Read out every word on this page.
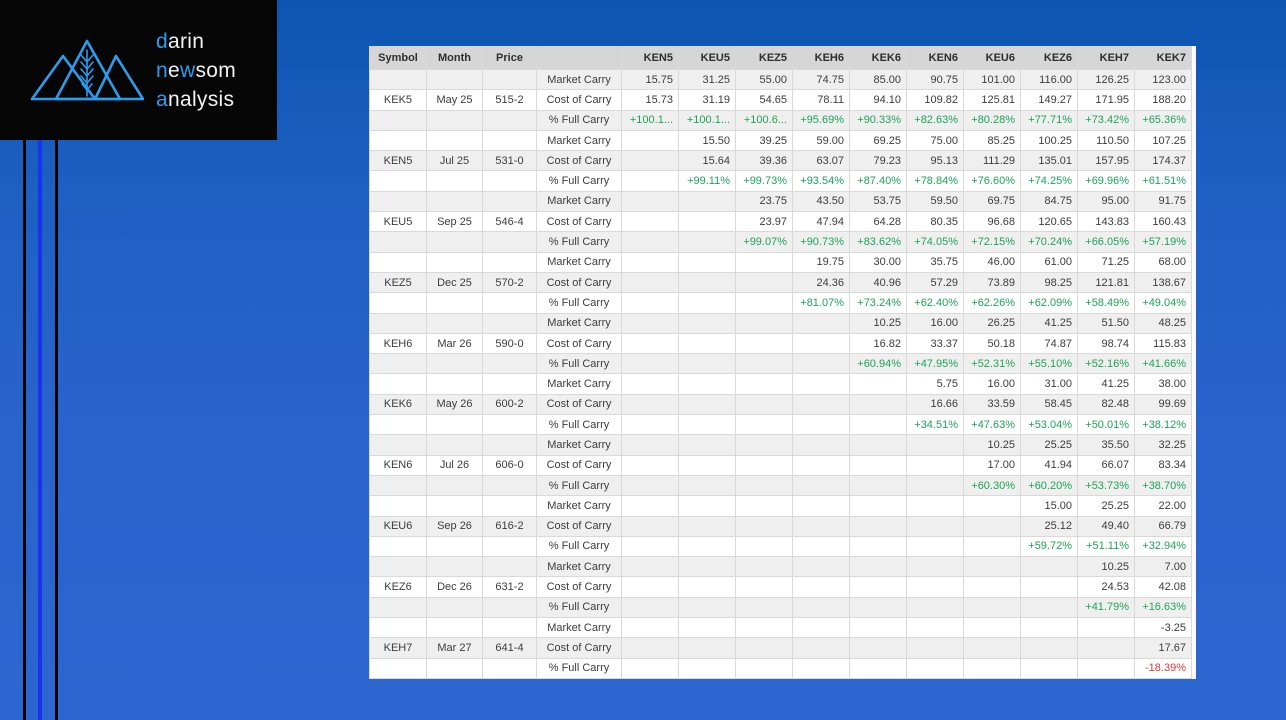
darin
newsom
analysis
Symbol	Month	Price		KEN5	KEU5	KEZ5	KEH6	KEK6	KEN6	KEU6	KEZ6	KEH7	KEK7
			Market Carry	15.75	31.25	55.00	74.75	85.00	90.75	101.00	116.00	126.25	123.00
KEK5	May 25	515-2	Cost of Carry	15.73	31.19	54.65	78.11	94.10	109.82	125.81	149.27	171.95	188.20
			% Full Carry	+100.1...	+100.1...	+100.6...	+95.69%	+90.33%	+82.63%	+80.28%	+77.71%	+73.42%	+65.36%
			Market Carry		15.50	39.25	59.00	69.25	75.00	85.25	100.25	110.50	107.25
KEN5	Jul 25	531-0	Cost of Carry		15.64	39.36	63.07	79.23	95.13	111.29	135.01	157.95	174.37
			% Full Carry		+99.11%	+99.73%	+93.54%	+87.40%	+78.84%	+76.60%	+74.25%	+69.96%	+61.51%
			Market Carry			23.75	43.50	53.75	59.50	69.75	84.75	95.00	91.75
KEU5	Sep 25	546-4	Cost of Carry			23.97	47.94	64.28	80.35	96.68	120.65	143.83	160.43
			% Full Carry			+99.07%	+90.73%	+83.62%	+74.05%	+72.15%	+70.24%	+66.05%	+57.19%
			Market Carry				19.75	30.00	35.75	46.00	61.00	71.25	68.00
KEZ5	Dec 25	570-2	Cost of Carry				24.36	40.96	57.29	73.89	98.25	121.81	138.67
			% Full Carry				+81.07%	+73.24%	+62.40%	+62.26%	+62.09%	+58.49%	+49.04%
			Market Carry					10.25	16.00	26.25	41.25	51.50	48.25
KEH6	Mar 26	590-0	Cost of Carry					16.82	33.37	50.18	74.87	98.74	115.83
			% Full Carry					+60.94%	+47.95%	+52.31%	+55.10%	+52.16%	+41.66%
			Market Carry						5.75	16.00	31.00	41.25	38.00
KEK6	May 26	600-2	Cost of Carry						16.66	33.59	58.45	82.48	99.69
			% Full Carry						+34.51%	+47.63%	+53.04%	+50.01%	+38.12%
			Market Carry							10.25	25.25	35.50	32.25
KEN6	Jul 26	606-0	Cost of Carry							17.00	41.94	66.07	83.34
			% Full Carry							+60.30%	+60.20%	+53.73%	+38.70%
			Market Carry								15.00	25.25	22.00
KEU6	Sep 26	616-2	Cost of Carry								25.12	49.40	66.79
			% Full Carry								+59.72%	+51.11%	+32.94%
			Market Carry									10.25	7.00
KEZ6	Dec 26	631-2	Cost of Carry									24.53	42.08
			% Full Carry									+41.79%	+16.63%
			Market Carry										-3.25
KEH7	Mar 27	641-4	Cost of Carry										17.67
			% Full Carry										-18.39%
